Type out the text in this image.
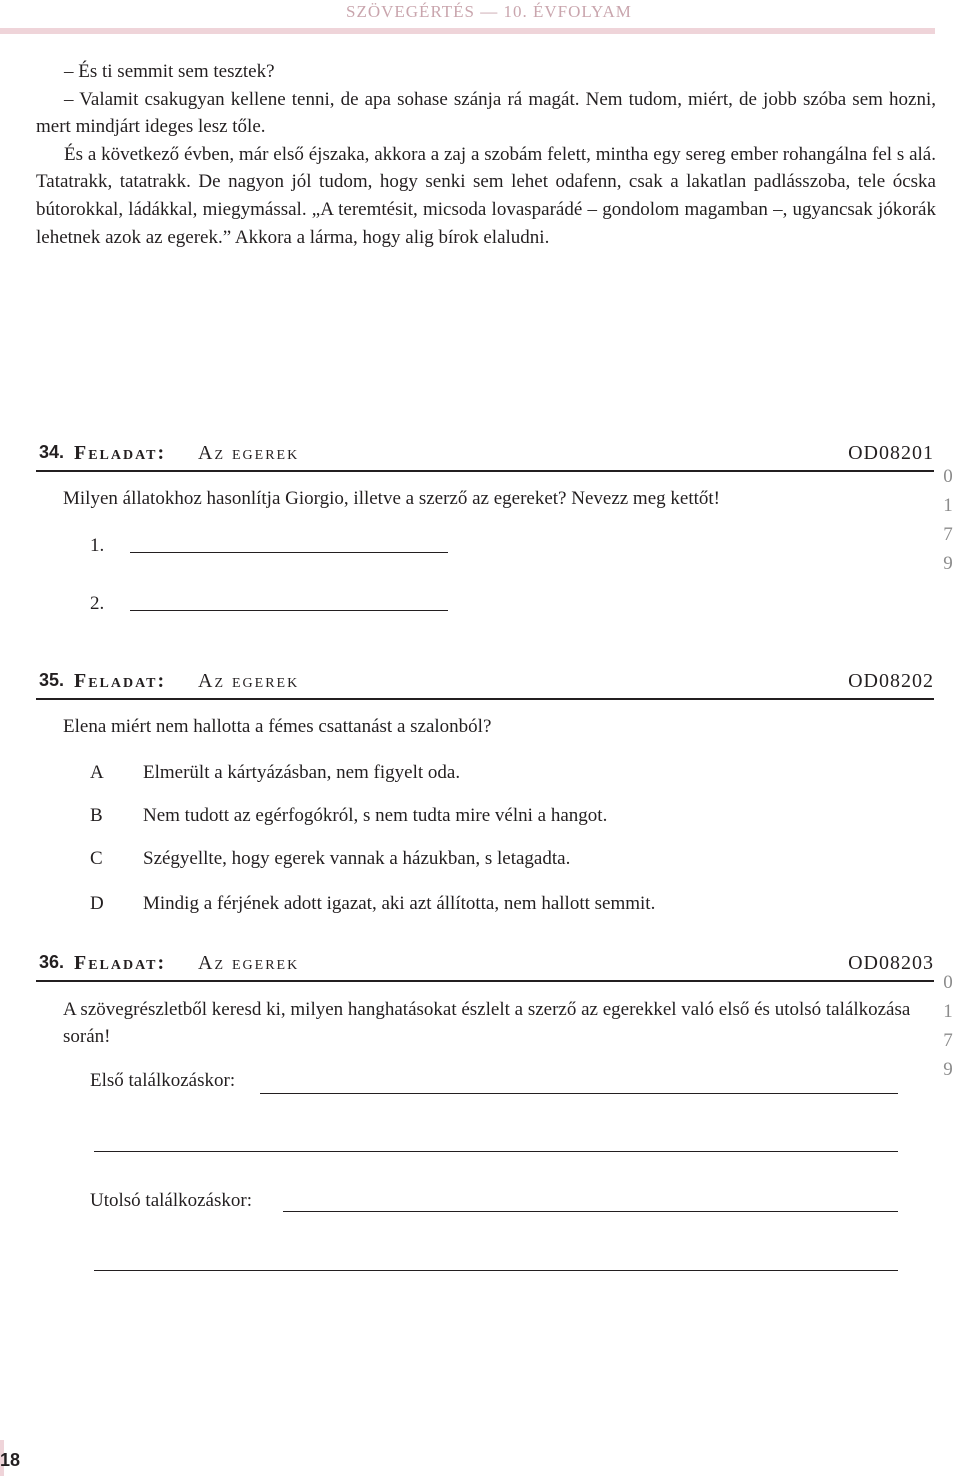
SZÖVEGÉRTÉS — 10. ÉVFOLYAM

– És ti semmit sem tesztek?

– Valamit csakugyan kellene tenni, de apa sohase szánja rá magát. Nem tudom, miért, de jobb szóba sem hozni, mert mindjárt ideges lesz tőle.

És a következő évben, már első éjszaka, akkora a zaj a szobám felett, mintha egy sereg ember rohangálna fel s alá. Tatatrakk, tatatrakk. De nagyon jól tudom, hogy senki sem lehet odafenn, csak a lakatlan padlásszoba, tele ócska bútorokkal, ládákkal, miegymással. „A teremtésit, micsoda lovasparádé – gondolom magamban –, ugyancsak jókorák lehetnek azok az egerek.” Akkora a lárma, hogy alig bírok elaludni.

34. Feladat: Az egerek	OD08201

Milyen állatokhoz hasonlítja Giorgio, illetve a szerző az egereket? Nevezz meg kettőt!

1.
2.
0
1
7
9
35. Feladat: Az egerek	OD08202

Elena miért nem hallotta a fémes csattanást a szalonból?

A	Elmerült a kártyázásban, nem figyelt oda.
B	Nem tudott az egérfogókról, s nem tudta mire vélni a hangot.
C	Szégyellte, hogy egerek vannak a házukban, s letagadta.
D	Mindig a férjének adott igazat, aki azt állította, nem hallott semmit.
36. Feladat: Az egerek	OD08203

A szövegrészletből keresd ki, milyen hanghatásokat észlelt a szerző az egerekkel való első és utolsó találkozása során!

Első találkozáskor:
Utolsó találkozáskor:
0
1
7
9
18
